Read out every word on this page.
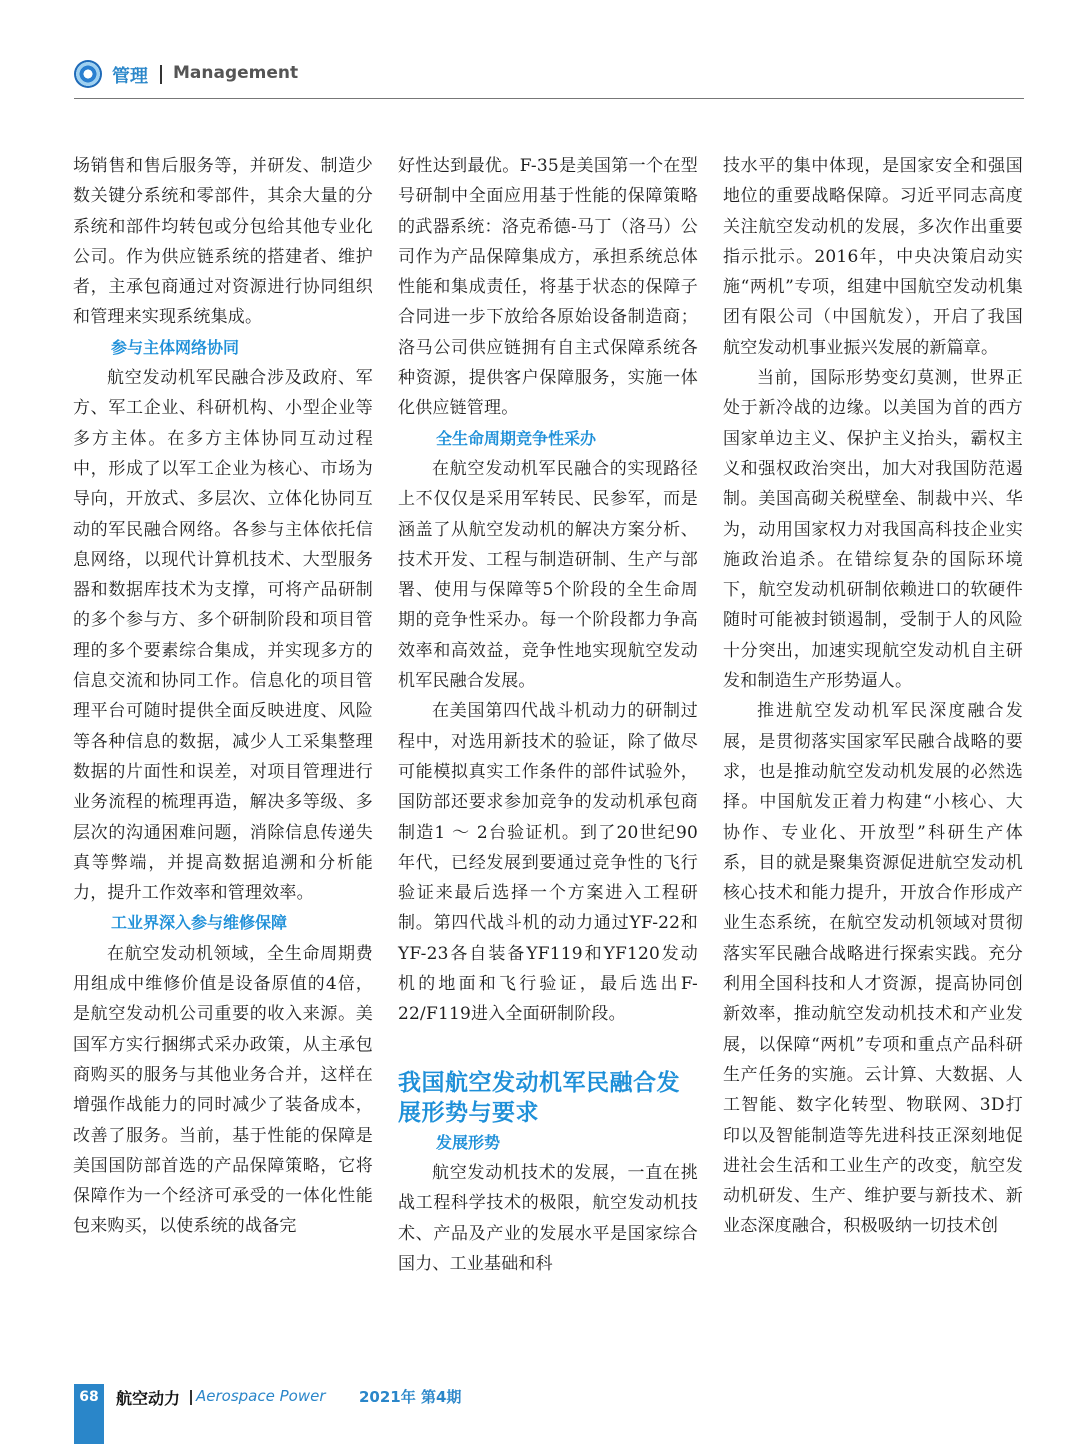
管理 Management

场销售和售后服务等，并研发、制造少数关键分系统和零部件，其余大量的分系统和部件均转包或分包给其他专业化公司。作为供应链系统的搭建者、维护者，主承包商通过对资源进行协同组织和管理来实现系统集成。

参与主体网络协同

航空发动机军民融合涉及政府、军方、军工企业、科研机构、小型企业等多方主体。在多方主体协同互动过程中，形成了以军工企业为核心、市场为导向，开放式、多层次、立体化协同互动的军民融合网络。各参与主体依托信息网络，以现代计算机技术、大型服务器和数据库技术为支撑，可将产品研制的多个参与方、多个研制阶段和项目管理的多个要素综合集成，并实现多方的信息交流和协同工作。信息化的项目管理平台可随时提供全面反映进度、风险等各种信息的数据，减少人工采集整理数据的片面性和误差，对项目管理进行业务流程的梳理再造，解决多等级、多层次的沟通困难问题，消除信息传递失真等弊端，并提高数据追溯和分析能力，提升工作效率和管理效率。

工业界深入参与维修保障

在航空发动机领域，全生命周期费用组成中维修价值是设备原值的4倍，是航空发动机公司重要的收入来源。美国军方实行捆绑式采办政策，从主承包商购买的服务与其他业务合并，这样在增强作战能力的同时减少了装备成本，改善了服务。当前，基于性能的保障是美国国防部首选的产品保障策略，它将保障作为一个经济可承受的一体化性能包来购买，以使系统的战备完

好性达到最优。F-35是美国第一个在型号研制中全面应用基于性能的保障策略的武器系统：洛克希德-马丁（洛马）公司作为产品保障集成方，承担系统总体性能和集成责任，将基于状态的保障子合同进一步下放给各原始设备制造商；洛马公司供应链拥有自主式保障系统各种资源，提供客户保障服务，实施一体化供应链管理。

全生命周期竞争性采办

在航空发动机军民融合的实现路径上不仅仅是采用军转民、民参军，而是涵盖了从航空发动机的解决方案分析、技术开发、工程与制造研制、生产与部署、使用与保障等5个阶段的全生命周期的竞争性采办。每一个阶段都力争高效率和高效益，竞争性地实现航空发动机军民融合发展。

在美国第四代战斗机动力的研制过程中，对选用新技术的验证，除了做尽可能模拟真实工作条件的部件试验外，国防部还要求参加竞争的发动机承包商制造1 ～ 2台验证机。到了20世纪90年代，已经发展到要通过竞争性的飞行验证来最后选择一个方案进入工程研制。第四代战斗机的动力通过YF-22和YF-23各自装备YF119和YF120发动机的地面和飞行验证，最后选出F-22/F119进入全面研制阶段。

我国航空发动机军民融合发展形势与要求

发展形势

航空发动机技术的发展，一直在挑战工程科学技术的极限，航空发动机技术、产品及产业的发展水平是国家综合国力、工业基础和科

技水平的集中体现，是国家安全和强国地位的重要战略保障。习近平同志高度关注航空发动机的发展，多次作出重要指示批示。2016年，中央决策启动实施“两机”专项，组建中国航空发动机集团有限公司（中国航发），开启了我国航空发动机事业振兴发展的新篇章。

当前，国际形势变幻莫测，世界正处于新冷战的边缘。以美国为首的西方国家单边主义、保护主义抬头，霸权主义和强权政治突出，加大对我国防范遏制。美国高砌关税壁垒、制裁中兴、华为，动用国家权力对我国高科技企业实施政治追杀。在错综复杂的国际环境下，航空发动机研制依赖进口的软硬件随时可能被封锁遏制，受制于人的风险十分突出，加速实现航空发动机自主研发和制造生产形势逼人。

推进航空发动机军民深度融合发展，是贯彻落实国家军民融合战略的要求，也是推动航空发动机发展的必然选择。中国航发正着力构建“小核心、大协作、专业化、开放型”科研生产体系，目的就是聚集资源促进航空发动机核心技术和能力提升，开放合作形成产业生态系统，在航空发动机领域对贯彻落实军民融合战略进行探索实践。充分利用全国科技和人才资源，提高协同创新效率，推动航空发动机技术和产业发展，以保障“两机”专项和重点产品科研生产任务的实施。云计算、大数据、人工智能、数字化转型、物联网、3D打印以及智能制造等先进科技正深刻地促进社会生活和工业生产的改变，航空发动机研发、生产、维护要与新技术、新业态深度融合，积极吸纳一切技术创

68	航空动力 Aerospace Power 2021年 第4期
